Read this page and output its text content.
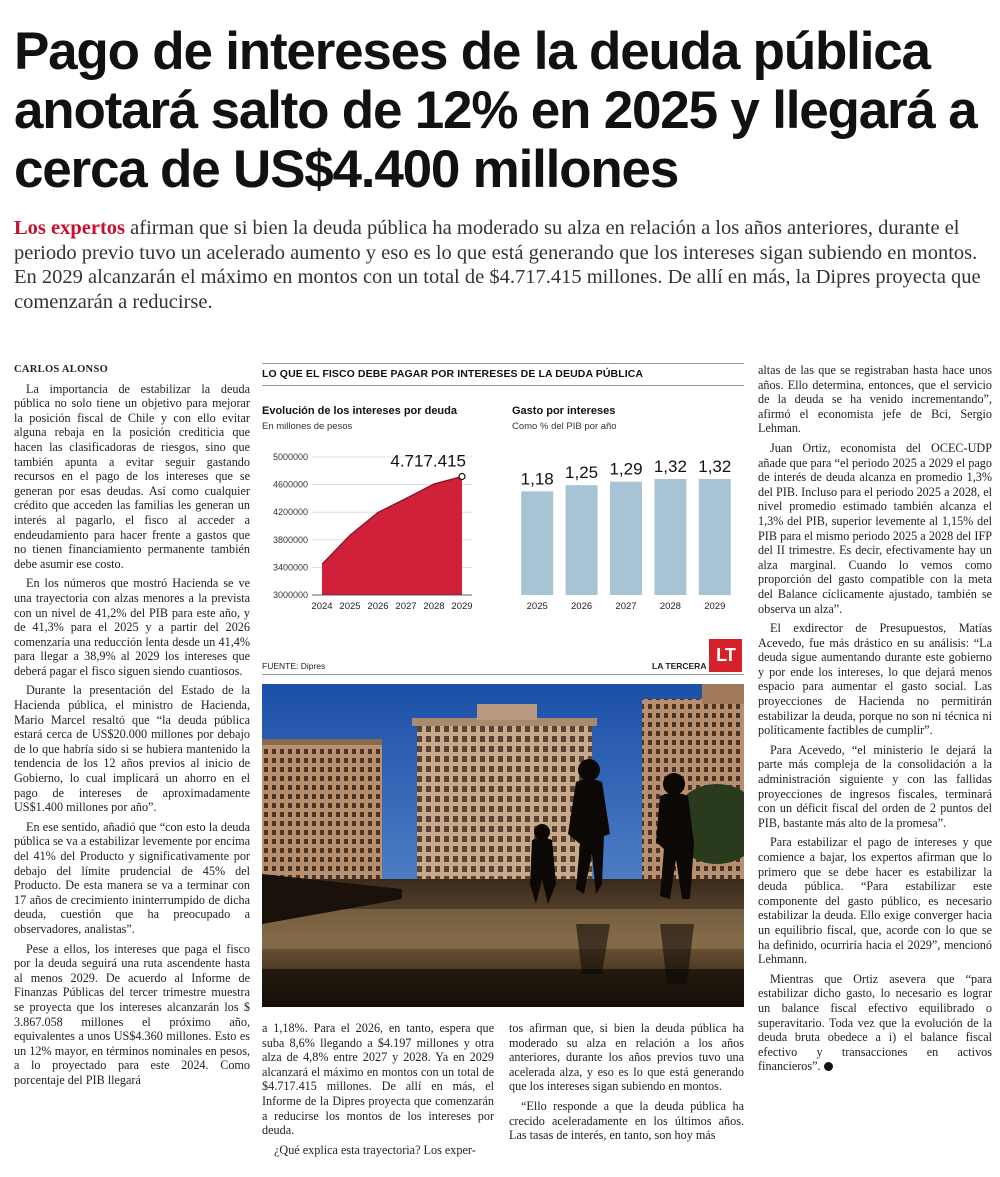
Pago de intereses de la deuda pública anotará salto de 12% en 2025 y llegará a cerca de US$4.400 millones

Los expertos afirman que si bien la deuda pública ha moderado su alza en relación a los años anteriores, durante el periodo previo tuvo un acelerado aumento y eso es lo que está generando que los intereses sigan subiendo en montos. En 2029 alcanzarán el máximo en montos con un total de $4.717.415 millones. De allí en más, la Dipres proyecta que comenzarán a reducirse.

CARLOS ALONSO

La importancia de estabilizar la deuda pública no solo tiene un objetivo para mejorar la posición fiscal de Chile y con ello evitar alguna rebaja en la posición crediticia que hacen las clasificadoras de riesgos, sino que también apunta a evitar seguir gastando recursos en el pago de los intereses que se generan por esas deudas. Así como cualquier crédito que acceden las familias les generan un interés al pagarlo, el fisco al acceder a endeudamiento para hacer frente a gastos que no tienen financiamiento permanente también debe asumir ese costo.

En los números que mostró Hacienda se ve una trayectoria con alzas menores a la prevista con un nivel de 41,2% del PIB para este año, y de 41,3% para el 2025 y a partir del 2026 comenzaría una reducción lenta desde un 41,4% para llegar a 38,9% al 2029 los intereses que deberá pagar el fisco siguen siendo cuantiosos.

Durante la presentación del Estado de la Hacienda pública, el ministro de Hacienda, Mario Marcel resaltó que “la deuda pública estará cerca de US$20.000 millones por debajo de lo que habría sido si se hubiera mantenido la tendencia de los 12 años previos al inicio de Gobierno, lo cual implicará un ahorro en el pago de intereses de aproximadamente US$1.400 millones por año”.

En ese sentido, añadió que “con esto la deuda pública se va a estabilizar levemente por encima del 41% del Producto y significativamente por debajo del límite prudencial de 45% del Producto. De esta manera se va a terminar con 17 años de crecimiento ininterrumpido de dicha deuda, cuestión que ha preocupado a observadores, analistas”.

Pese a ellos, los intereses que paga el fisco por la deuda seguirá una ruta ascendente hasta al menos 2029. De acuerdo al Informe de Finanzas Públicas del tercer trimestre muestra se proyecta que los intereses alcanzarán los $ 3.867.058 millones el próximo año, equivalentes a unos US$4.360 millones. Esto es un 12% mayor, en términos nominales en pesos, a lo proyectado para este 2024. Como porcentaje del PIB llegará

LO QUE EL FISCO DEBE PAGAR POR INTERESES DE LA DEUDA PÚBLICA
Evolución de los intereses por deuda
En millones de pesos
3000000
3400000
3800000
4200000
4600000
5000000
2024 2025 2026 2027 2028 2029
4.717.415
Gasto por intereses
Como % del PIB por año
1,18
2025
1,25
2026
1,29
2027
1,32
2028
1,32
2029
FUENTE: Dipres	LA TERCERA
LT

a 1,18%. Para el 2026, en tanto, espera que suba 8,6% llegando a $4.197 millones y otra alza de 4,8% entre 2027 y 2028. Ya en 2029 alcanzará el máximo en montos con un total de $4.717.415 millones. De allí en más, el Informe de la Dipres proyecta que comenzarán a reducirse los montos de los intereses por deuda.

¿Qué explica esta trayectoria? Los exper-

tos afirman que, si bien la deuda pública ha moderado su alza en relación a los años anteriores, durante los años previos tuvo una acelerada alza, y eso es lo que está generando que los intereses sigan subiendo en montos.

“Ello responde a que la deuda pública ha crecido aceleradamente en los últimos años. Las tasas de interés, en tanto, son hoy más

altas de las que se registraban hasta hace unos años. Ello determina, entonces, que el servicio de la deuda se ha venido incrementando”, afirmó el economista jefe de Bci, Sergio Lehman.

Juan Ortiz, economista del OCEC-UDP añade que para “el periodo 2025 a 2029 el pago de interés de deuda alcanza en promedio 1,3% del PIB. Incluso para el periodo 2025 a 2028, el nivel promedio estimado también alcanza el 1,3% del PIB, superior levemente al 1,15% del PIB para el mismo periodo 2025 a 2028 del IFP del II trimestre. Es decir, efectivamente hay un alza marginal. Cuando lo vemos como proporción del gasto compatible con la meta del Balance cíclicamente ajustado, también se observa un alza”.

El exdirector de Presupuestos, Matías Acevedo, fue más drástico en su análisis: “La deuda sigue aumentando durante este gobierno y por ende los intereses, lo que dejará menos espacio para aumentar el gasto social. Las proyecciones de Hacienda no permitirán estabilizar la deuda, porque no son ni técnica ni políticamente factibles de cumplir”.

Para Acevedo, “el ministerio le dejará la parte más compleja de la consolidación a la administración siguiente y con las fallidas proyecciones de ingresos fiscales, terminará con un déficit fiscal del orden de 2 puntos del PIB, bastante más alto de la promesa”.

Para estabilizar el pago de intereses y que comience a bajar, los expertos afirman que lo primero que se debe hacer es estabilizar la deuda pública. “Para estabilizar este componente del gasto público, es necesario estabilizar la deuda. Ello exige converger hacia un equilibrio fiscal, que, acorde con lo que se ha definido, ocurriría hacia el 2029”, mencionó Lehmann.

Mientras que Ortiz asevera que “para estabilizar dicho gasto, lo necesario es lograr un balance fiscal efectivo equilibrado o superavitario. Toda vez que la evolución de la deuda bruta obedece a i) el balance fiscal efectivo y transacciones en activos financieros”.
